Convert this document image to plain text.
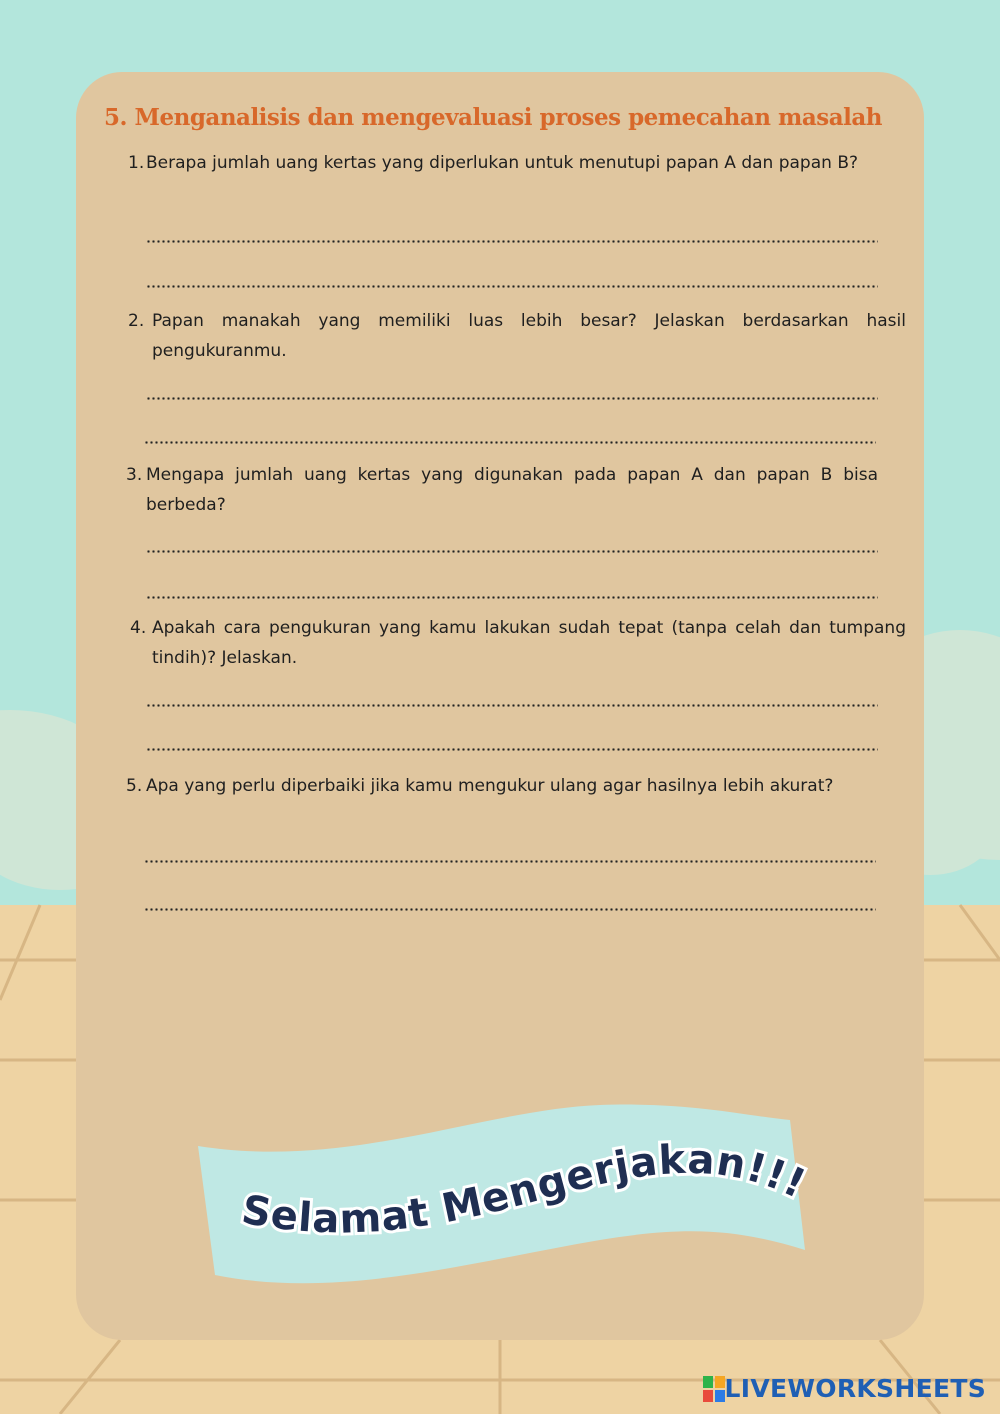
5. Menganalisis dan mengevaluasi proses pemecahan masalah
1. Berapa jumlah uang kertas yang diperlukan untuk menutupi papan A dan papan B?
2. Papan manakah yang memiliki luas lebih besar? Jelaskan berdasarkan hasil pengukuranmu.
3. Mengapa jumlah uang kertas yang digunakan pada papan A dan papan B bisa berbeda?
4. Apakah cara pengukuran yang kamu lakukan sudah tepat (tanpa celah dan tumpang tindih)? Jelaskan.
5. Apa yang perlu diperbaiki jika kamu mengukur ulang agar hasilnya lebih akurat?
Selamat Mengerjakan!!!
LIVEWORKSHEETS
